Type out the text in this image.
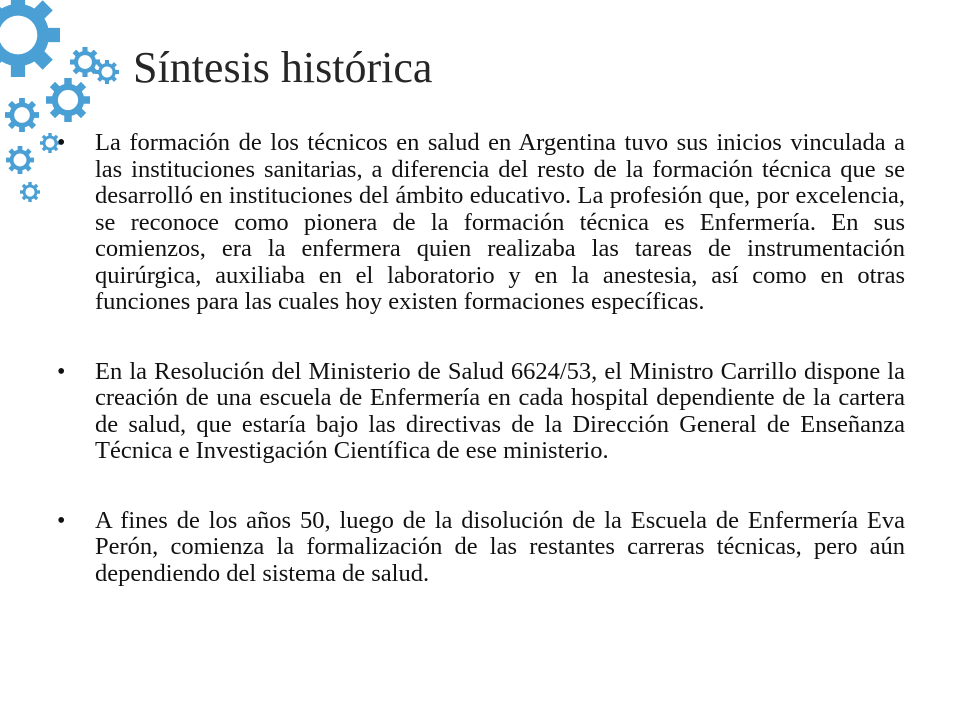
Síntesis histórica
• La formación de los técnicos en salud en Argentina tuvo sus inicios vinculada a las instituciones sanitarias, a diferencia del resto de la formación técnica que se desarrolló en instituciones del ámbito educativo. La profesión que, por excelencia, se reconoce como pionera de la formación técnica es Enfermería. En sus comienzos, era la enfermera quien realizaba las tareas de instrumentación quirúrgica, auxiliaba en el laboratorio y en la anestesia, así como en otras funciones para las cuales hoy existen formaciones específicas.
• En la Resolución del Ministerio de Salud 6624/53, el Ministro Carrillo dispone la creación de una escuela de Enfermería en cada hospital dependiente de la cartera de salud, que estaría bajo las directivas de la Dirección General de Enseñanza Técnica e Investigación Científica de ese ministerio.
• A fines de los años 50, luego de la disolución de la Escuela de Enfermería Eva Perón, comienza la formalización de las restantes carreras técnicas, pero aún dependiendo del sistema de salud.
